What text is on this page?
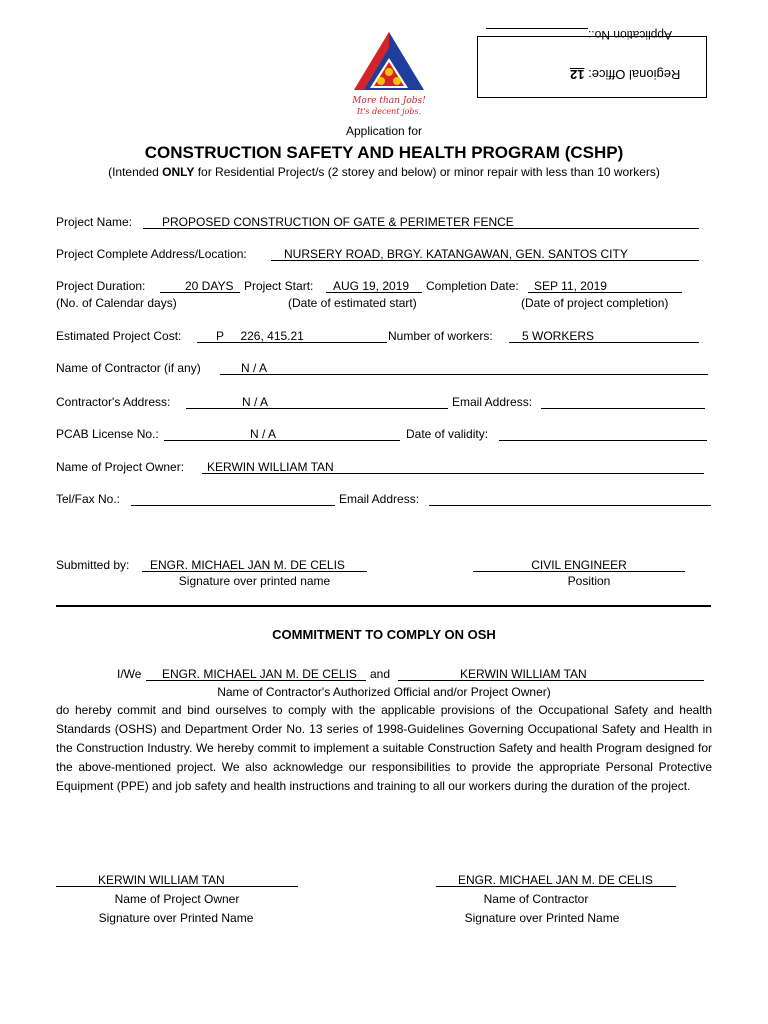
More than Jobs!
It's decent jobs.
Application No.:
Regional Office: 12
Application for
CONSTRUCTION SAFETY AND HEALTH PROGRAM (CSHP)
(Intended ONLY for Residential Project/s (2 storey and below) or minor repair with less than 10 workers)
Project Name: PROPOSED CONSTRUCTION OF GATE & PERIMETER FENCE
Project Complete Address/Location:	NURSERY ROAD, BRGY. KATANGAWAN, GEN. SANTOS CITY
Project Duration:	20 DAYS Project Start: AUG 19, 2019 Completion Date: SEP 11, 2019
(No. of Calendar days)	(Date of estimated start)	(Date of project completion)
Estimated Project Cost:	P     226, 415.21	Number of workers: 5 WORKERS
Name of Contractor (if any)	N / A
Contractor's Address:	N / A	Email Address:
PCAB License No.:	N / A	Date of validity:
Name of Project Owner: KERWIN WILLIAM TAN
Tel/Fax No.:	Email Address:
Submitted by: ENGR. MICHAEL JAN M. DE CELIS
Signature over printed name
CIVIL ENGINEER
Position
COMMITMENT TO COMPLY ON OSH
I/We ENGR. MICHAEL JAN M. DE CELIS and	KERWIN WILLIAM TAN
Name of Contractor's Authorized Official and/or Project Owner)
do hereby commit and bind ourselves to comply with the applicable provisions of the Occupational Safety and health Standards (OSHS) and Department Order No. 13 series of 1998-Guidelines Governing Occupational Safety and Health in the Construction Industry. We hereby commit to implement a suitable Construction Safety and health Program designed for the above-mentioned project. We also acknowledge our responsibilities to provide the appropriate Personal Protective Equipment (PPE) and job safety and health instructions and training to all our workers during the duration of the project.
KERWIN WILLIAM TAN
Name of Project Owner
Signature over Printed Name
ENGR. MICHAEL JAN M. DE CELIS
Name of Contractor
Signature over Printed Name
